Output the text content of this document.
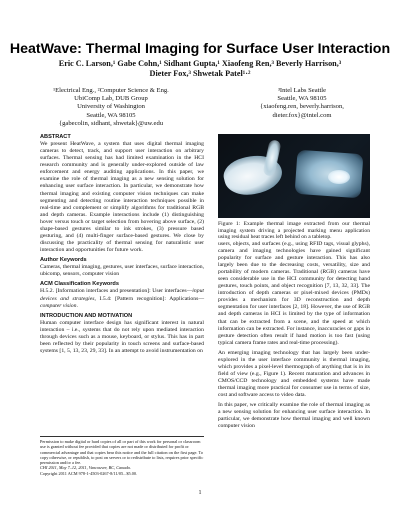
HeatWave: Thermal Imaging for Surface User Interaction
Eric C. Larson,¹ Gabe Cohn,¹ Sidhant Gupta,¹ Xiaofeng Ren,³ Beverly Harrison,³
Dieter Fox,³ Shwetak Patel¹·²
¹Electrical Eng., ²Computer Science & Eng.
UbiComp Lab, DUB Group
University of Washington
Seattle, WA 98105
³Intel Labs Seattle
Seattle, WA 98105
{xiaofeng.ren, beverly.harrison,
dieter.fox}@intel.com
{gabecolin, sidhant, shwetak}@uw.edu
ABSTRACT

We present HeatWave, a system that uses digital thermal imaging cameras to detect, track, and support user interaction on arbitrary surfaces. Thermal sensing has had limited examination in the HCI research community and is generally under-explored outside of law enforcement and energy auditing applications. In this paper, we examine the role of thermal imaging as a new sensing solution for enhancing user surface interaction. In particular, we demonstrate how thermal imaging and existing computer vision techniques can make segmenting and detecting routine interaction techniques possible in real-time and complement or simplify algorithms for traditional RGB and depth cameras. Example interactions include (1) distinguishing hover versus touch or target selection from hovering above surface, (2) shape-based gestures similar to ink strokes, (3) pressure based gesturing, and (4) multi-finger surface-based gestures. We close by discussing the practicality of thermal sensing for naturalistic user interaction and opportunities for future work.

Author Keywords

Cameras, thermal imaging, gestures, user interfaces, surface interaction, ubicomp, sensors, computer vision

ACM Classification Keywords

H.5.2. [Information interfaces and presentation]: User interfaces—input devices and strategies, I.5.4: [Pattern recognition]: Applications—computer vision.

INTRODUCTION AND MOTIVATION

Human computer interface design has significant interest in natural interaction – i.e., systems that do not rely upon mediated interaction through devices such as a mouse, keyboard, or stylus. This has in part been reflected by their popularity in touch screens and surface-based systems [1, 5, 13, 23, 29, 33]. In an attempt to avoid instrumentation on

Permission to make digital or hard copies of all or part of this work for personal or classroom use is granted without fee provided that copies are not made or distributed for profit or commercial advantage and that copies bear this notice and the full citation on the first page. To copy otherwise, or republish, to post on servers or to redistribute to lists, requires prior specific permission and/or a fee.
CHI 2011, May 7–12, 2011, Vancouver, BC, Canada.
Copyright 2011 ACM 978-1-4503-0267-8/11/05...$5.00.
Figure 1: Example thermal image extracted from our thermal imaging system driving a projected marking menu application using residual heat traces left behind on a tabletop.

users, objects, and surfaces (e.g., using RFID tags, visual glyphs), camera and imaging technologies have gained significant popularity for surface and gesture interaction. This has also largely been due to the decreasing costs, versatility, size and portability of modern cameras. Traditional (RGB) cameras have seen considerable use in the HCI community for detecting hand gestures, touch points, and object recognition [7, 13, 32, 33]. The introduction of depth cameras or pixel-mixed devices (PMDs) provides a mechanism for 3D reconstruction and depth segmentation for user interfaces [2, 18]. However, the use of RGB and depth cameras in HCI is limited by the type of information that can be extracted from a scene, and the speed at which information can be extracted. For instance, inaccuracies or gaps in gesture detection often result if hand motion is too fast (using typical camera frame rates and real-time processing).

An emerging imaging technology that has largely been under-explored in the user interface community is thermal imaging, which provides a pixel-level thermograph of anything that is in its field of view (e.g., Figure 1). Recent maturation and advances in CMOS/CCD technology and embedded systems have made thermal imaging more practical for consumer use in terms of size, cost and software access to video data.

In this paper, we critically examine the role of thermal imaging as a new sensing solution for enhancing user surface interaction. In particular, we demonstrate how thermal imaging and well known computer vision

1
